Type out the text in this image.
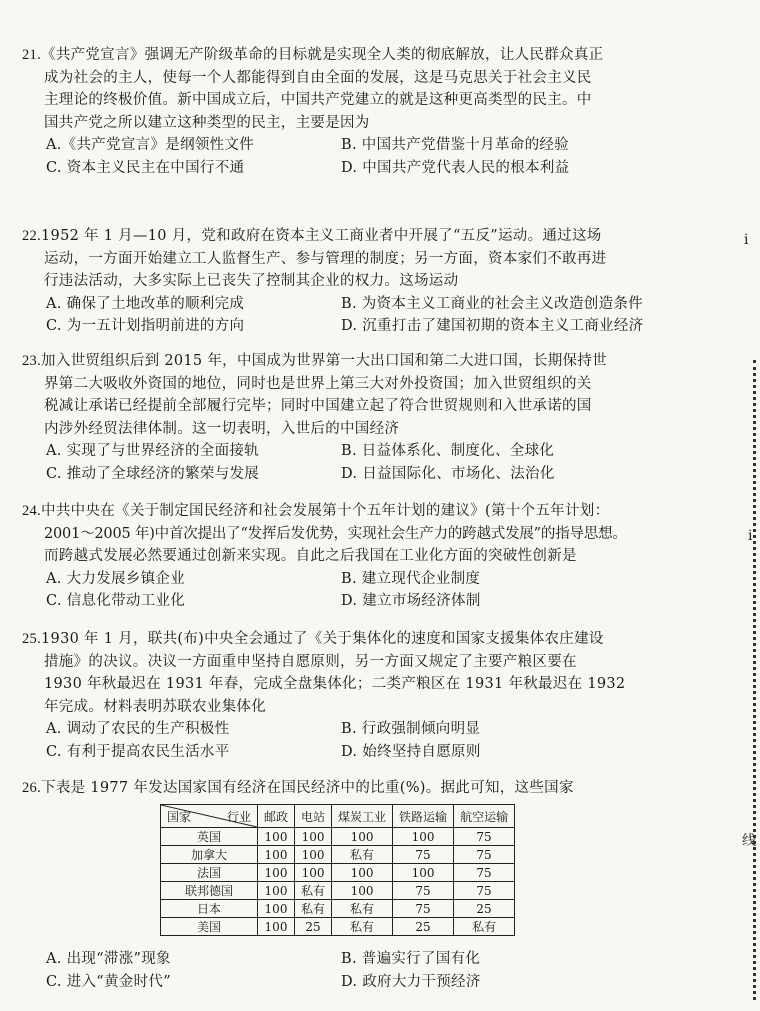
21.《共产党宣言》强调无产阶级革命的目标就是实现全人类的彻底解放，让人民群众真正
成为社会的主人，使每一个人都能得到自由全面的发展，这是马克思关于社会主义民
主理论的终极价值。新中国成立后，中国共产党建立的就是这种更高类型的民主。中
国共产党之所以建立这种类型的民主，主要是因为

A.《共产党宣言》是纲领性文件	B. 中国共产党借鉴十月革命的经验
C. 资本主义民主在中国行不通	D. 中国共产党代表人民的根本利益

22.1952 年 1 月—10 月，党和政府在资本主义工商业者中开展了“五反”运动。通过这场
运动，一方面开始建立工人监督生产、参与管理的制度；另一方面，资本家们不敢再进
行违法活动，大多实际上已丧失了控制其企业的权力。这场运动

A. 确保了土地改革的顺利完成	B. 为资本主义工商业的社会主义改造创造条件
C. 为一五计划指明前进的方向	D. 沉重打击了建国初期的资本主义工商业经济

23.加入世贸组织后到 2015 年，中国成为世界第一大出口国和第二大进口国，长期保持世
界第二大吸收外资国的地位，同时也是世界上第三大对外投资国；加入世贸组织的关
税减让承诺已经提前全部履行完毕；同时中国建立起了符合世贸规则和入世承诺的国
内涉外经贸法律体制。这一切表明，入世后的中国经济

A. 实现了与世界经济的全面接轨	B. 日益体系化、制度化、全球化
C. 推动了全球经济的繁荣与发展	D. 日益国际化、市场化、法治化

24.中共中央在《关于制定国民经济和社会发展第十个五年计划的建议》(第十个五年计划：
2001～2005 年)中首次提出了“发挥后发优势，实现社会生产力的跨越式发展”的指导思想。
而跨越式发展必然要通过创新来实现。自此之后我国在工业化方面的突破性创新是

A. 大力发展乡镇企业	B. 建立现代企业制度
C. 信息化带动工业化	D. 建立市场经济体制

25.1930 年 1 月，联共(布)中央全会通过了《关于集体化的速度和国家支援集体农庄建设
措施》的决议。决议一方面重申坚持自愿原则，另一方面又规定了主要产粮区要在
1930 年秋最迟在 1931 年春，完成全盘集体化；二类产粮区在 1931 年秋最迟在 1932
年完成。材料表明苏联农业集体化

A. 调动了农民的生产积极性	B. 行政强制倾向明显
C. 有利于提高农民生活水平	D. 始终坚持自愿原则

26.下表是 1977 年发达国家国有经济在国民经济中的比重(%)。据此可知，这些国家

国家 行业	邮政	电站	煤炭工业	铁路运输	航空运输
英国	100	100	100	100	75
加拿大	100	100	私有	75	75
法国	100	100	100	100	75
联邦德国	100	私有	100	75	75
日本	100	私有	私有	75	25
美国	100	25	私有	25	私有
A. 出现“滞涨”现象	B. 普遍实行了国有化
C. 进入“黄金时代”	D. 政府大力干预经济
i
i
线
